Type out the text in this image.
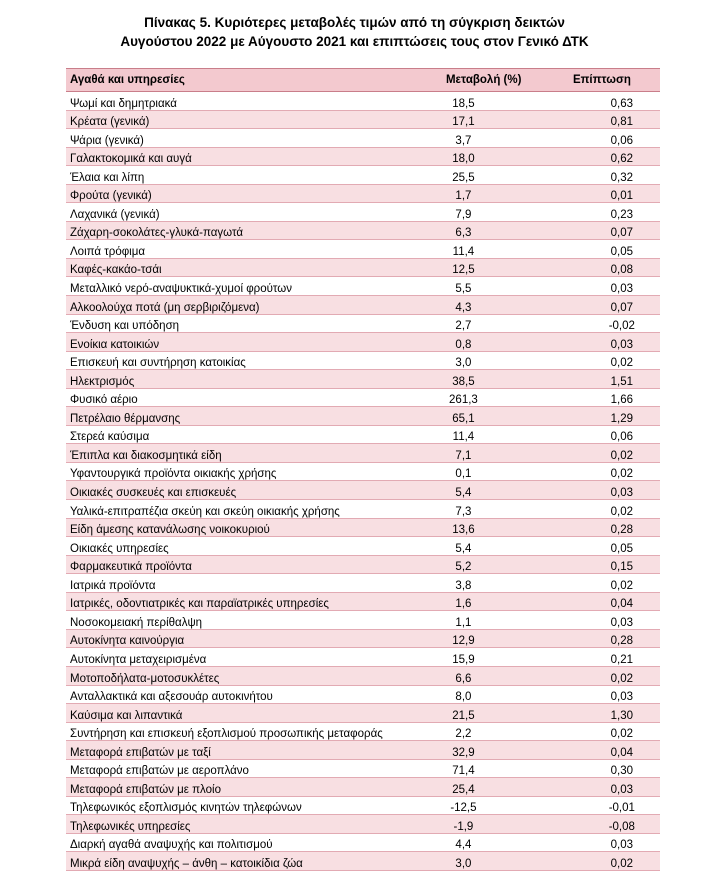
Πίνακας 5. Κυριότερες μεταβολές τιμών από τη σύγκριση δεικτών
Αυγούστου 2022 με Αύγουστο 2021 και επιπτώσεις τους στον Γενικό ΔΤΚ
Αγαθά και υπηρεσίες	Μεταβολή (%)	Επίπτωση
Ψωμί και δημητριακά	18,5	0,63
Κρέατα (γενικά)	17,1	0,81
Ψάρια (γενικά)	3,7	0,06
Γαλακτοκομικά και αυγά	18,0	0,62
Έλαια και λίπη	25,5	0,32
Φρούτα (γενικά)	1,7	0,01
Λαχανικά (γενικά)	7,9	0,23
Ζάχαρη-σοκολάτες-γλυκά-παγωτά	6,3	0,07
Λοιπά τρόφιμα	11,4	0,05
Καφές-κακάο-τσάι	12,5	0,08
Μεταλλικό νερό-αναψυκτικά-χυμοί φρούτων	5,5	0,03
Αλκοολούχα ποτά (μη σερβιριζόμενα)	4,3	0,07
Ένδυση και υπόδηση	2,7	-0,02
Ενοίκια κατοικιών	0,8	0,03
Επισκευή και συντήρηση κατοικίας	3,0	0,02
Ηλεκτρισμός	38,5	1,51
Φυσικό αέριο	261,3	1,66
Πετρέλαιο θέρμανσης	65,1	1,29
Στερεά καύσιμα	11,4	0,06
Έπιπλα και διακοσμητικά είδη	7,1	0,02
Υφαντουργικά προϊόντα οικιακής χρήσης	0,1	0,02
Οικιακές συσκευές και επισκευές	5,4	0,03
Υαλικά-επιτραπέζια σκεύη και σκεύη οικιακής χρήσης	7,3	0,02
Είδη άμεσης κατανάλωσης νοικοκυριού	13,6	0,28
Οικιακές υπηρεσίες	5,4	0,05
Φαρμακευτικά προϊόντα	5,2	0,15
Ιατρικά προϊόντα	3,8	0,02
Ιατρικές, οδοντιατρικές και παραϊατρικές υπηρεσίες	1,6	0,04
Νοσοκομειακή περίθαλψη	1,1	0,03
Αυτοκίνητα καινούργια	12,9	0,28
Αυτοκίνητα μεταχειρισμένα	15,9	0,21
Μοτοποδήλατα-μοτοσυκλέτες	6,6	0,02
Ανταλλακτικά και αξεσουάρ αυτοκινήτου	8,0	0,03
Καύσιμα και λιπαντικά	21,5	1,30
Συντήρηση και επισκευή εξοπλισμού προσωπικής μεταφοράς	2,2	0,02
Μεταφορά επιβατών με ταξί	32,9	0,04
Μεταφορά επιβατών με αεροπλάνο	71,4	0,30
Μεταφορά επιβατών με πλοίο	25,4	0,03
Τηλεφωνικός εξοπλισμός κινητών τηλεφώνων	-12,5	-0,01
Τηλεφωνικές υπηρεσίες	-1,9	-0,08
Διαρκή αγαθά αναψυχής και πολιτισμού	4,4	0,03
Μικρά είδη αναψυχής – άνθη – κατοικίδια ζώα	3,0	0,02
